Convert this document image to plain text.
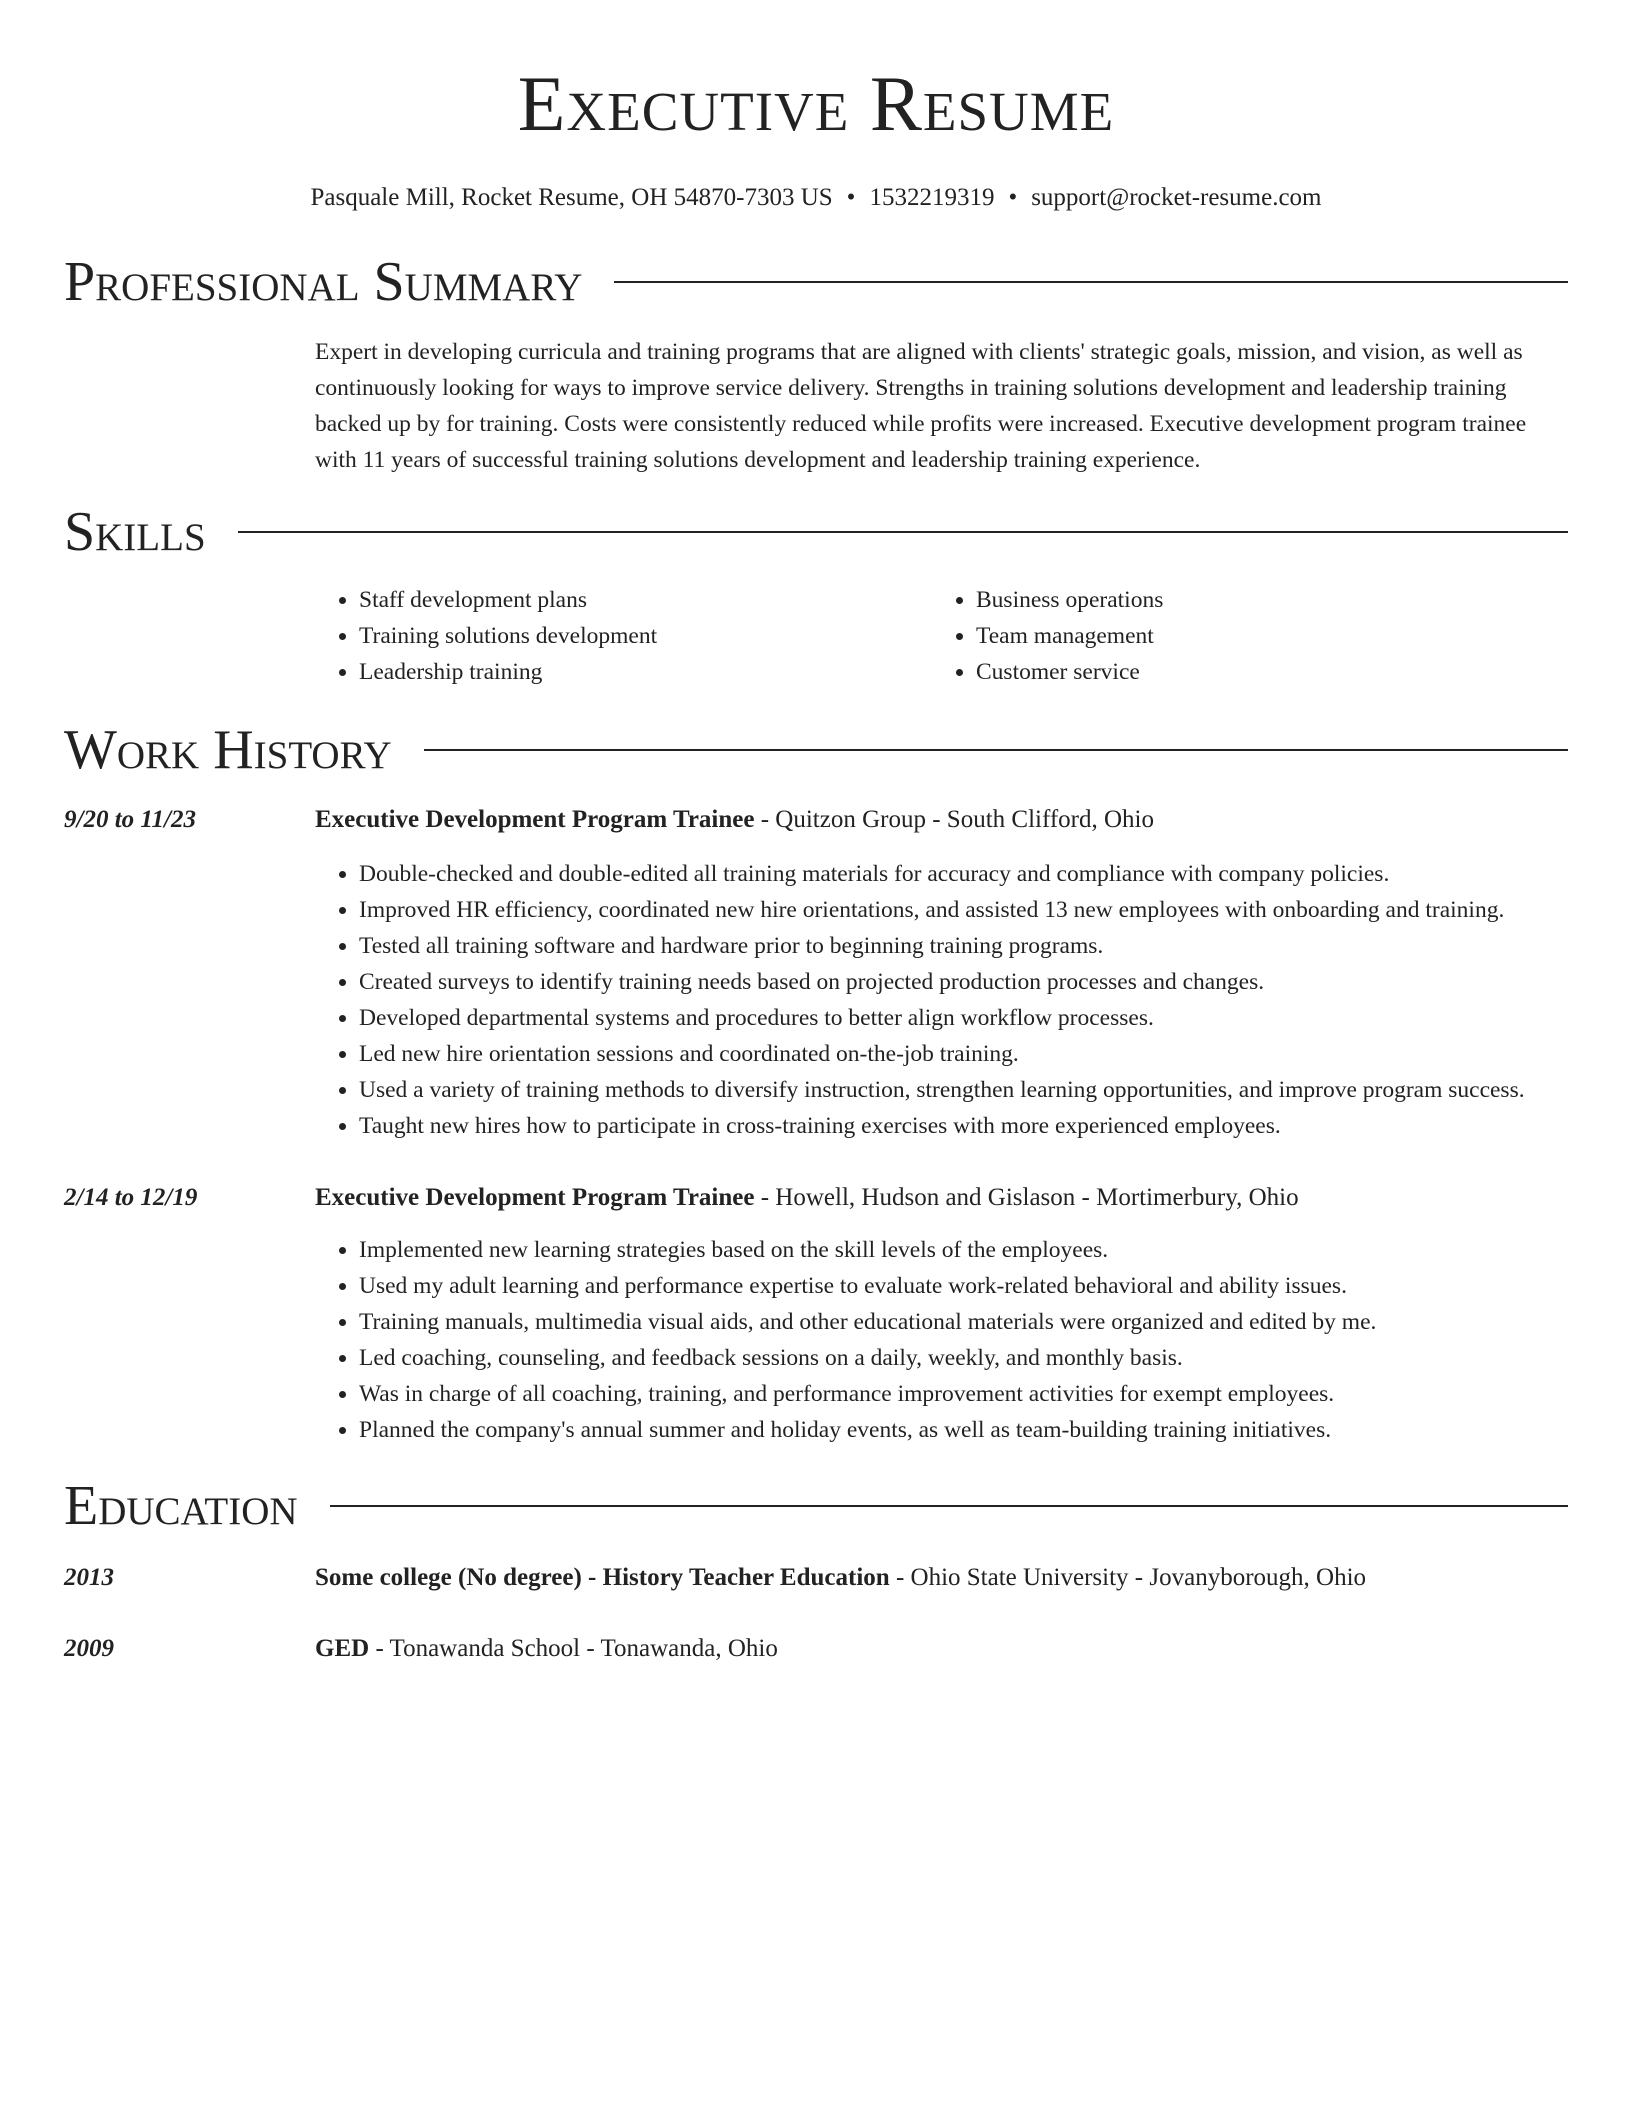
Executive Resume
Pasquale Mill, Rocket Resume, OH 54870-7303 US • 1532219319 • support@rocket-resume.com
Professional Summary

Expert in developing curricula and training programs that are aligned with clients' strategic goals, mission, and vision, as well as continuously looking for ways to improve service delivery. Strengths in training solutions development and leadership training backed up by for training. Costs were consistently reduced while profits were increased. Executive development program trainee with 11 years of successful training solutions development and leadership training experience.

Skills
• Staff development plans
• Training solutions development
• Leadership training
• Business operations
• Team management
• Customer service
Work History
9/20 to 11/23	Executive Development Program Trainee - Quitzon Group - South Clifford, Ohio
• Double-checked and double-edited all training materials for accuracy and compliance with company policies.
• Improved HR efficiency, coordinated new hire orientations, and assisted 13 new employees with onboarding and training.
• Tested all training software and hardware prior to beginning training programs.
• Created surveys to identify training needs based on projected production processes and changes.
• Developed departmental systems and procedures to better align workflow processes.
• Led new hire orientation sessions and coordinated on-the-job training.
• Used a variety of training methods to diversify instruction, strengthen learning opportunities, and improve program success.
• Taught new hires how to participate in cross-training exercises with more experienced employees.
2/14 to 12/19	Executive Development Program Trainee - Howell, Hudson and Gislason - Mortimerbury, Ohio
• Implemented new learning strategies based on the skill levels of the employees.
• Used my adult learning and performance expertise to evaluate work-related behavioral and ability issues.
• Training manuals, multimedia visual aids, and other educational materials were organized and edited by me.
• Led coaching, counseling, and feedback sessions on a daily, weekly, and monthly basis.
• Was in charge of all coaching, training, and performance improvement activities for exempt employees.
• Planned the company's annual summer and holiday events, as well as team-building training initiatives.
Education
2013	Some college (No degree) - History Teacher Education - Ohio State University - Jovanyborough, Ohio
2009	GED - Tonawanda School - Tonawanda, Ohio
